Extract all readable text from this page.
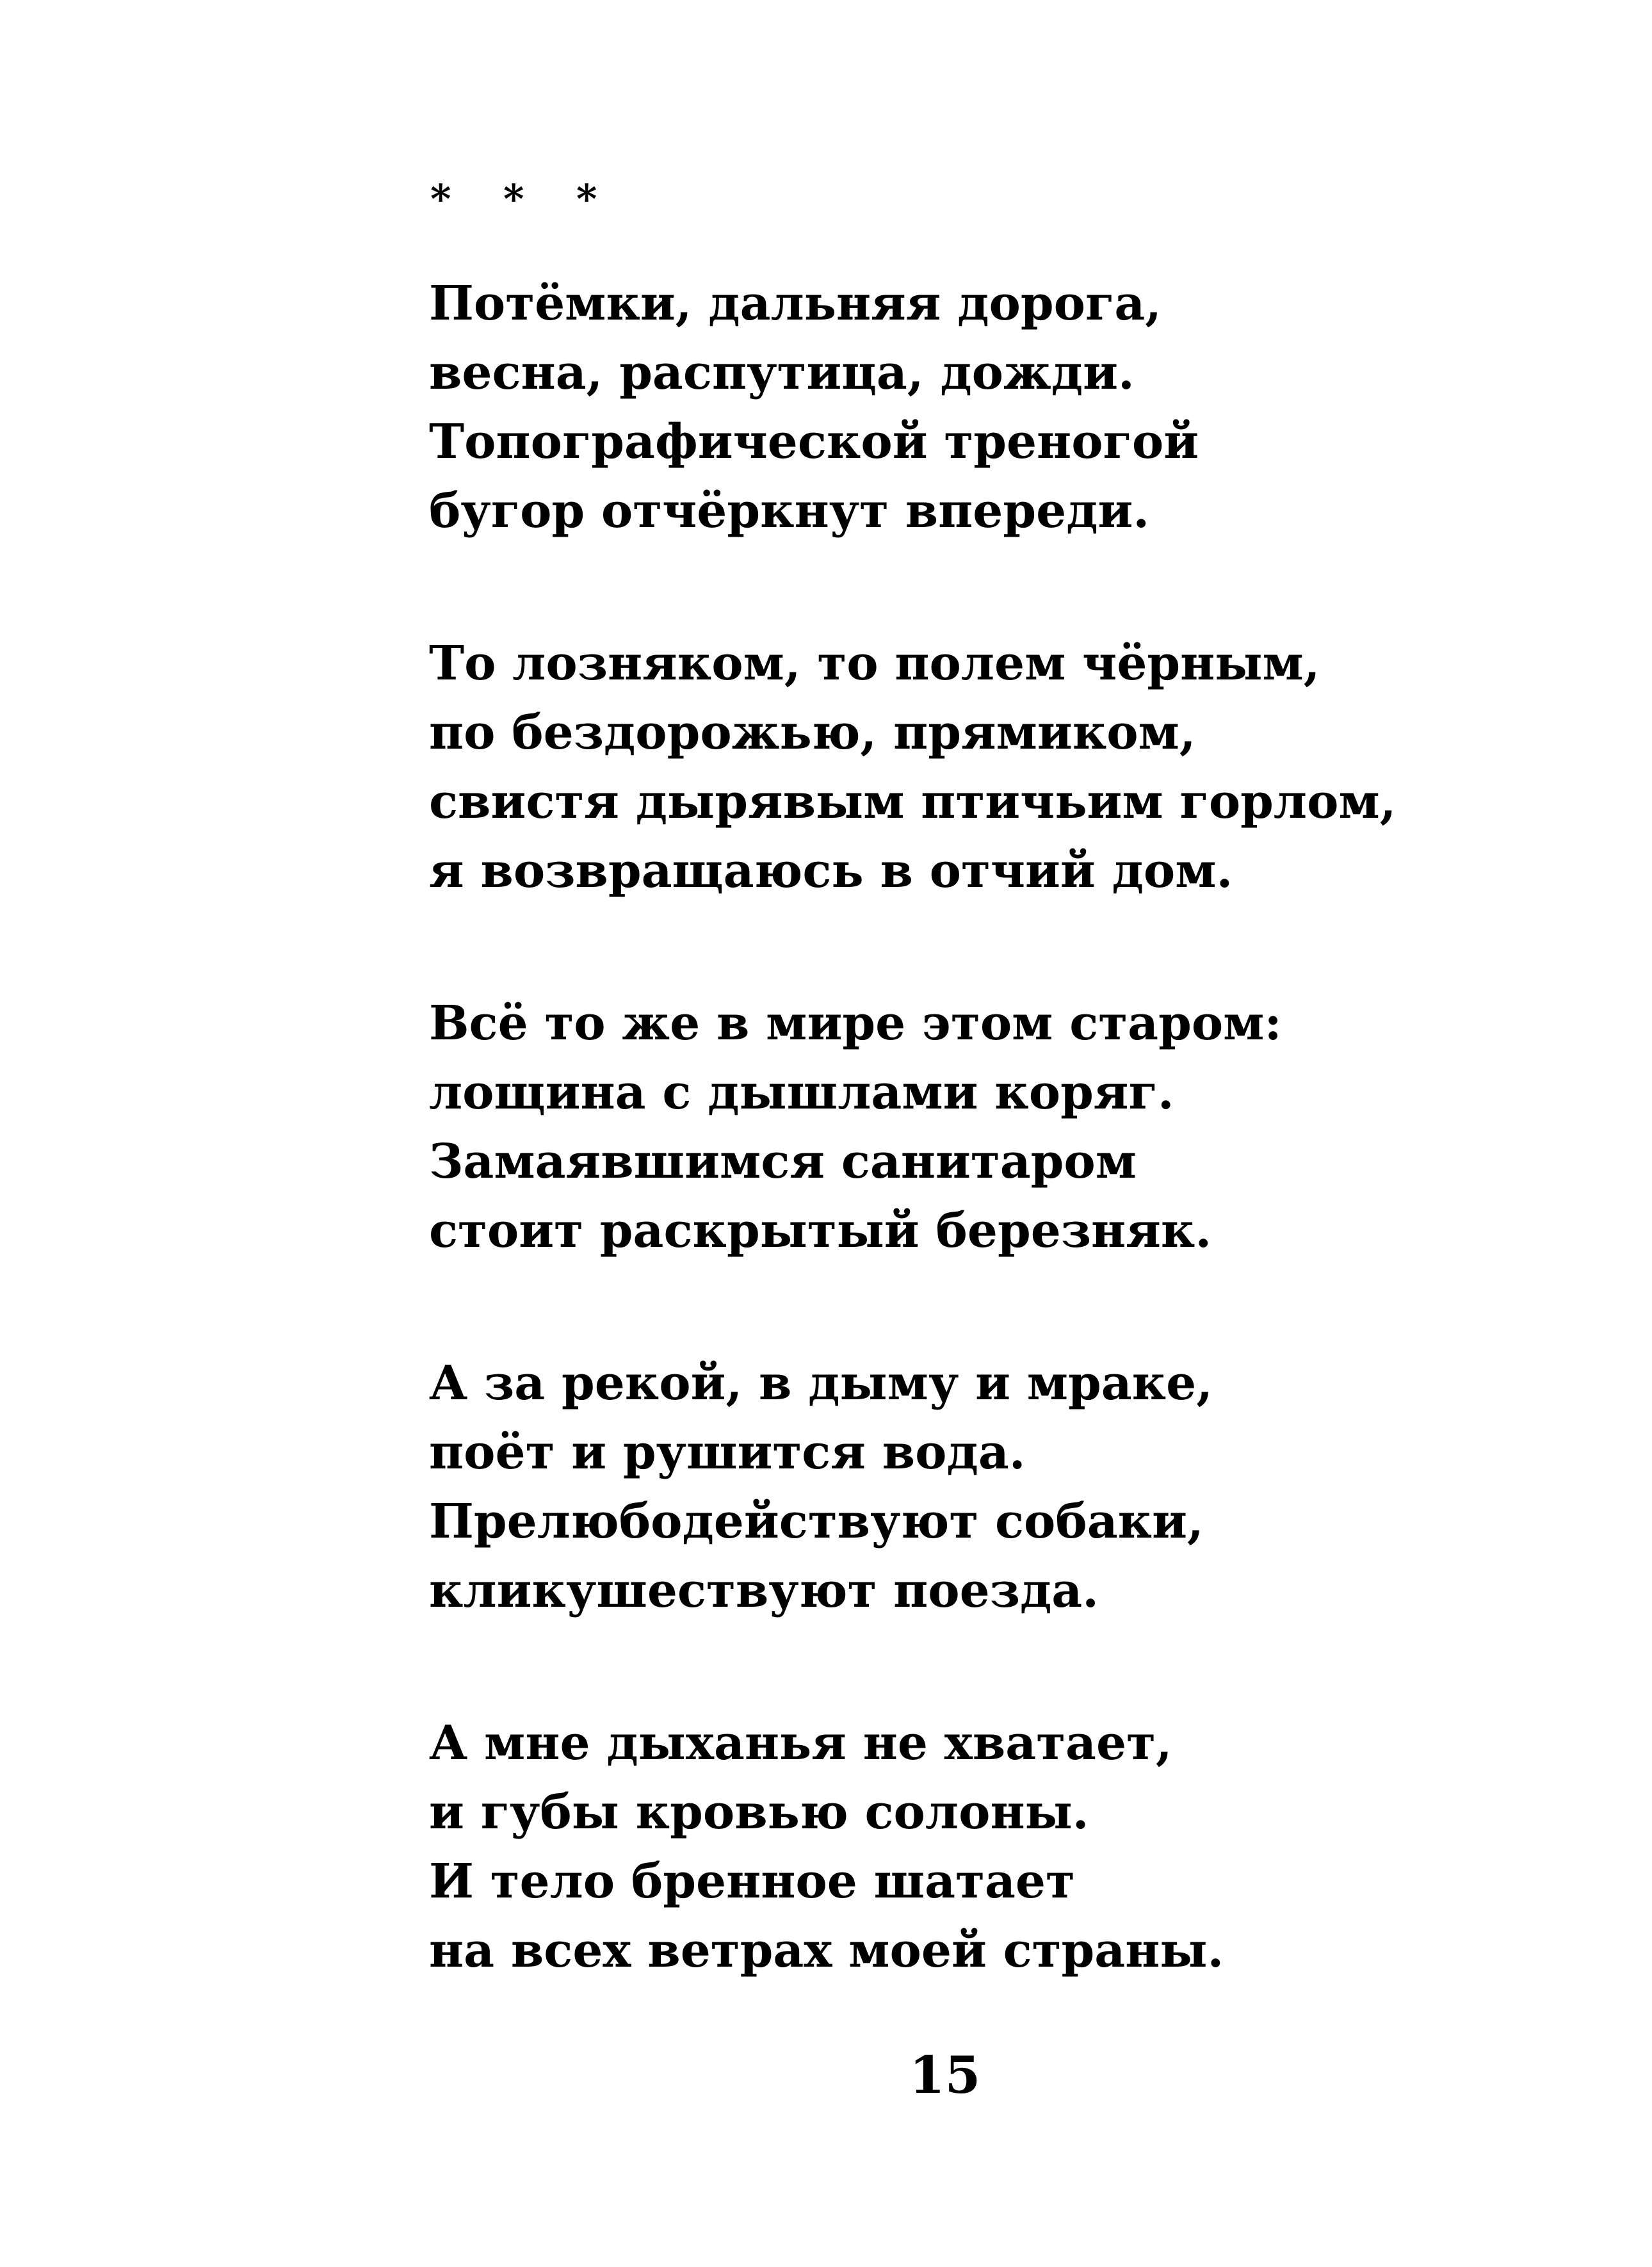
* * *
Потёмки, дальняя дорога,
весна, распутица, дожди.
Топографической треногой
бугор отчёркнут впереди.
То лозняком, то полем чёрным,
по бездорожью, прямиком,
свистя дырявым птичьим горлом,
я возвращаюсь в отчий дом.
Всё то же в мире этом старом:
лощина с дышлами коряг.
Замаявшимся санитаром
стоит раскрытый березняк.
А за рекой, в дыму и мраке,
поёт и рушится вода.
Прелюбодействуют собаки,
кликушествуют поезда.
А мне дыханья не хватает,
и губы кровью солоны.
И тело бренное шатает
на всех ветрах моей страны.
15
